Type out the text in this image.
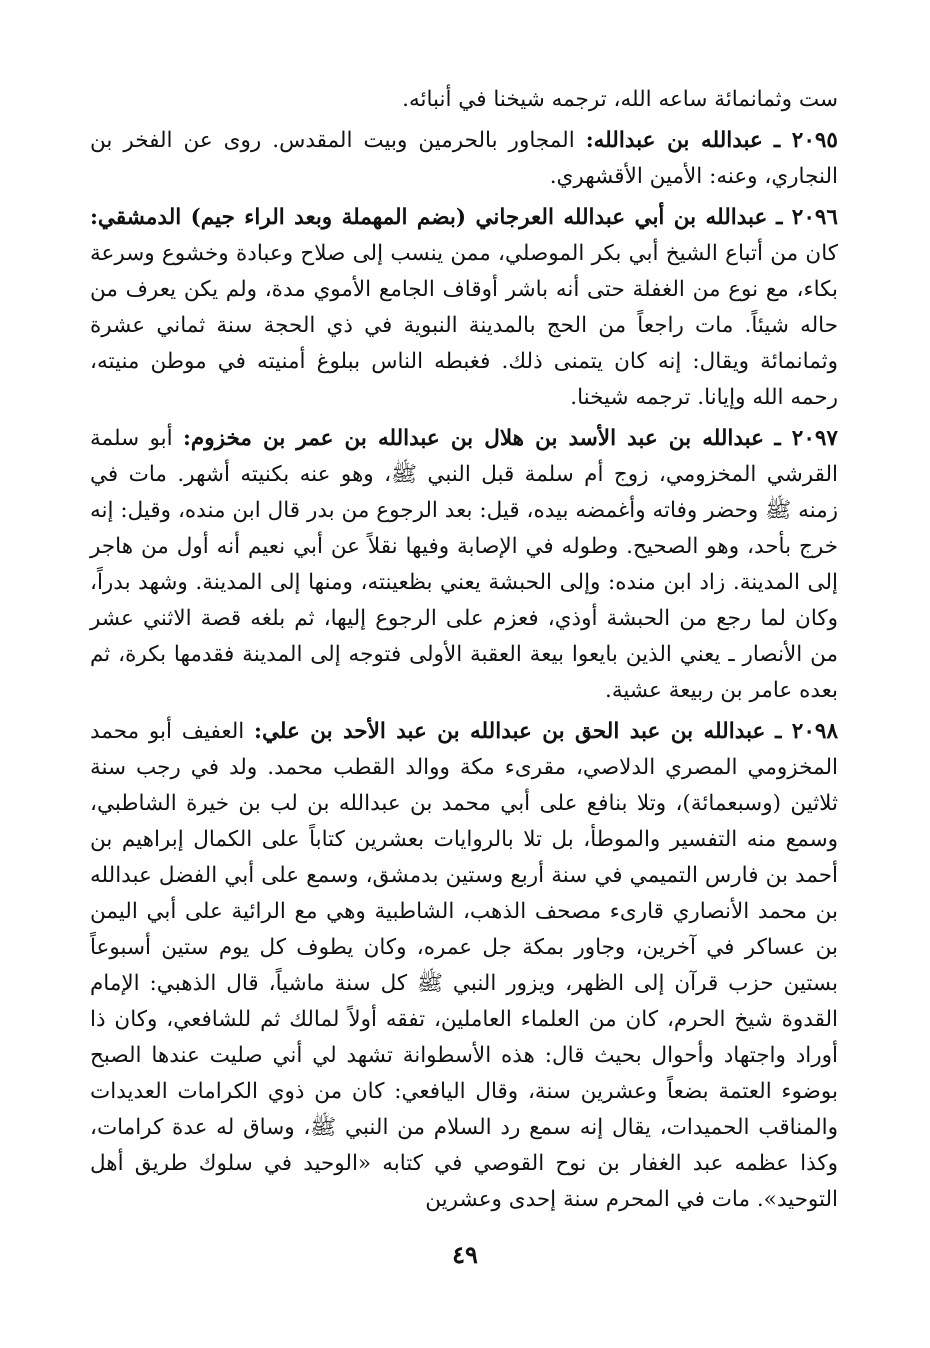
ست وثمانمائة ساعه الله، ترجمه شيخنا في أنبائه.

٢٠٩٥ ـ عبدالله بن عبدالله: المجاور بالحرمين وبيت المقدس. روى عن الفخر بن النجاري، وعنه: الأمين الأقشهري.

٢٠٩٦ ـ عبدالله بن أبي عبدالله العرجاني (بضم المهملة وبعد الراء جيم) الدمشقي: كان من أتباع الشيخ أبي بكر الموصلي، ممن ينسب إلى صلاح وعبادة وخشوع وسرعة بكاء، مع نوع من الغفلة حتى أنه باشر أوقاف الجامع الأموي مدة، ولم يكن يعرف من حاله شيئاً. مات راجعاً من الحج بالمدينة النبوية في ذي الحجة سنة ثماني عشرة وثمانمائة ويقال: إنه كان يتمنى ذلك. فغبطه الناس ببلوغ أمنيته في موطن منيته، رحمه الله وإيانا. ترجمه شيخنا.

٢٠٩٧ ـ عبدالله بن عبد الأسد بن هلال بن عبدالله بن عمر بن مخزوم: أبو سلمة القرشي المخزومي، زوج أم سلمة قبل النبي ﷺ، وهو عنه بكنيته أشهر. مات في زمنه ﷺ وحضر وفاته وأغمضه بيده، قيل: بعد الرجوع من بدر قال ابن منده، وقيل: إنه خرج بأحد، وهو الصحيح. وطوله في الإصابة وفيها نقلاً عن أبي نعيم أنه أول من هاجر إلى المدينة. زاد ابن منده: وإلى الحبشة يعني بظعينته، ومنها إلى المدينة. وشهد بدراً، وكان لما رجع من الحبشة أوذي، فعزم على الرجوع إليها، ثم بلغه قصة الاثني عشر من الأنصار ـ يعني الذين بايعوا بيعة العقبة الأولى فتوجه إلى المدينة فقدمها بكرة، ثم بعده عامر بن ربيعة عشية.

٢٠٩٨ ـ عبدالله بن عبد الحق بن عبدالله بن عبد الأحد بن علي: العفيف أبو محمد المخزومي المصري الدلاصي، مقرىء مكة ووالد القطب محمد. ولد في رجب سنة ثلاثين (وسبعمائة)، وتلا بنافع على أبي محمد بن عبدالله بن لب بن خيرة الشاطبي، وسمع منه التفسير والموطأ، بل تلا بالروايات بعشرين كتاباً على الكمال إبراهيم بن أحمد بن فارس التميمي في سنة أربع وستين بدمشق، وسمع على أبي الفضل عبدالله بن محمد الأنصاري قارىء مصحف الذهب، الشاطبية وهي مع الرائية على أبي اليمن بن عساكر في آخرين، وجاور بمكة جل عمره، وكان يطوف كل يوم ستين أسبوعاً بستين حزب قرآن إلى الظهر، ويزور النبي ﷺ كل سنة ماشياً، قال الذهبي: الإمام القدوة شيخ الحرم، كان من العلماء العاملين، تفقه أولاً لمالك ثم للشافعي، وكان ذا أوراد واجتهاد وأحوال بحيث قال: هذه الأسطوانة تشهد لي أني صليت عندها الصبح بوضوء العتمة بضعاً وعشرين سنة، وقال اليافعي: كان من ذوي الكرامات العديدات والمناقب الحميدات، يقال إنه سمع رد السلام من النبي ﷺ، وساق له عدة كرامات، وكذا عظمه عبد الغفار بن نوح القوصي في كتابه «الوحيد في سلوك طريق أهل التوحيد». مات في المحرم سنة إحدى وعشرين

٤٩
